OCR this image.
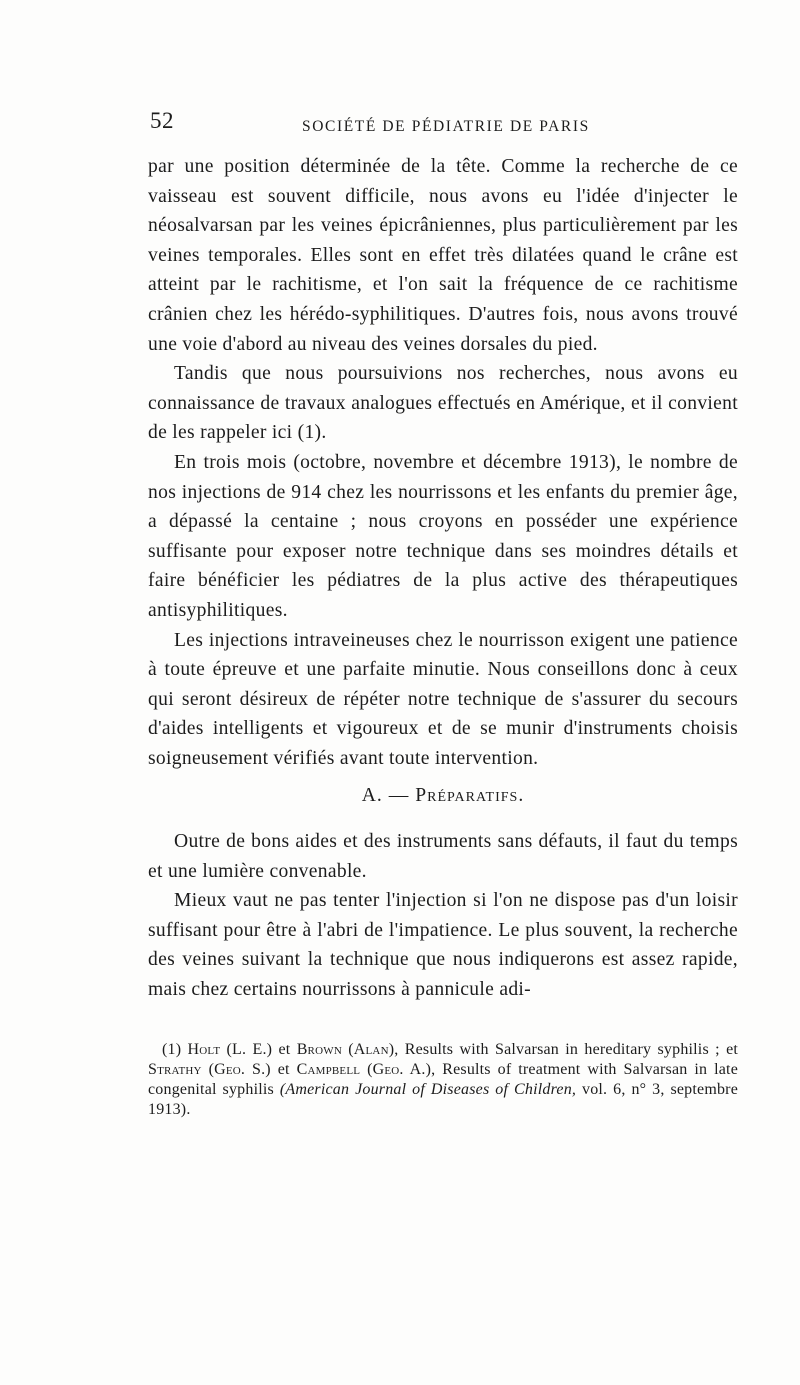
52	SOCIÉTÉ DE PÉDIATRIE DE PARIS

par une position déterminée de la tête. Comme la recherche de ce vaisseau est souvent difficile, nous avons eu l'idée d'injecter le néosalvarsan par les veines épicrâniennes, plus particulièrement par les veines temporales. Elles sont en effet très dilatées quand le crâne est atteint par le rachitisme, et l'on sait la fréquence de ce rachitisme crânien chez les hérédo-syphilitiques. D'autres fois, nous avons trouvé une voie d'abord au niveau des veines dorsales du pied.

Tandis que nous poursuivions nos recherches, nous avons eu connaissance de travaux analogues effectués en Amérique, et il convient de les rappeler ici (1).

En trois mois (octobre, novembre et décembre 1913), le nombre de nos injections de 914 chez les nourrissons et les enfants du premier âge, a dépassé la centaine ; nous croyons en posséder une expérience suffisante pour exposer notre technique dans ses moindres détails et faire bénéficier les pédiatres de la plus active des thérapeutiques antisyphilitiques.

Les injections intraveineuses chez le nourrisson exigent une patience à toute épreuve et une parfaite minutie. Nous conseillons donc à ceux qui seront désireux de répéter notre technique de s'assurer du secours d'aides intelligents et vigoureux et de se munir d'instruments choisis soigneusement vérifiés avant toute intervention.

A. — Préparatifs.

Outre de bons aides et des instruments sans défauts, il faut du temps et une lumière convenable.

Mieux vaut ne pas tenter l'injection si l'on ne dispose pas d'un loisir suffisant pour être à l'abri de l'impatience. Le plus souvent, la recherche des veines suivant la technique que nous indiquerons est assez rapide, mais chez certains nourrissons à pannicule adi-

(1) Holt (L. E.) et Brown (Alan), Results with Salvarsan in hereditary syphilis ; et Strathy (Geo. S.) et Campbell (Geo. A.), Results of treatment with Salvarsan in late congenital syphilis (American Journal of Diseases of Children, vol. 6, n° 3, septembre 1913).
